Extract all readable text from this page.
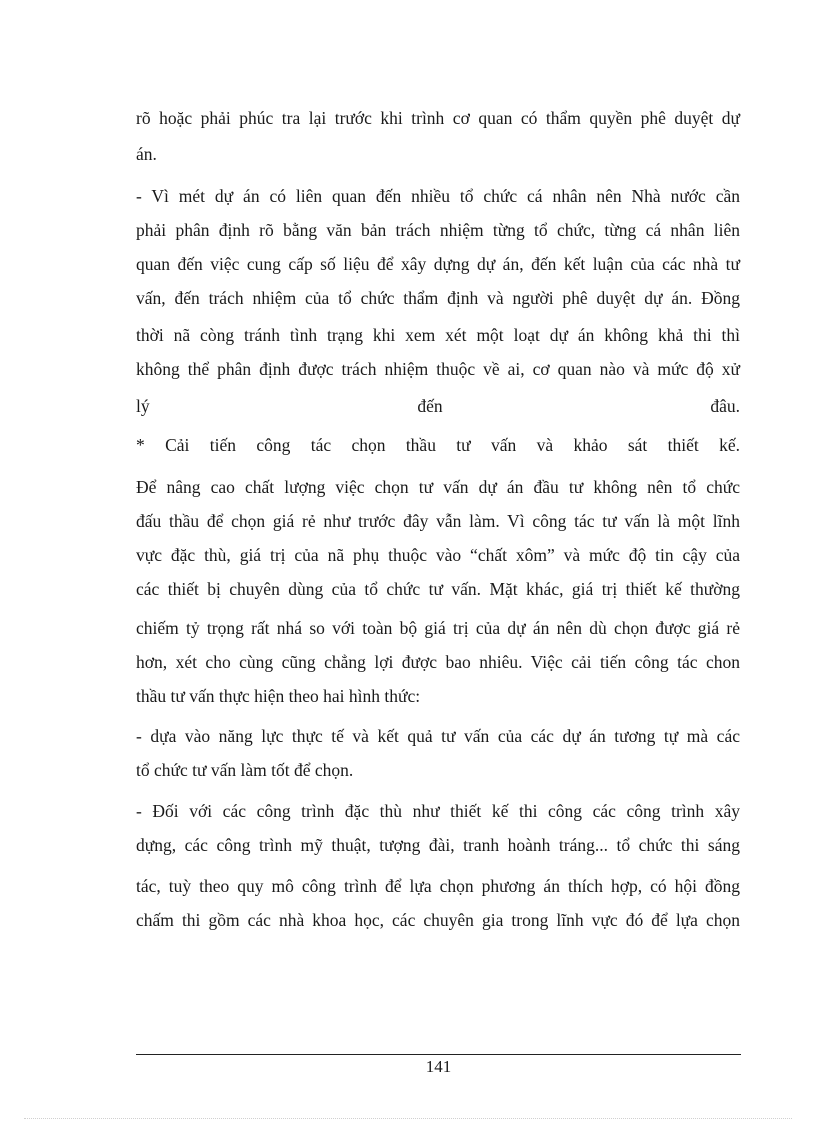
rõ hoặc phải phúc tra lại trước khi trình cơ quan có thẩm quyền phê duyệt dự
án.
- Vì mét dự án có liên quan đến nhiều tổ chức cá nhân nên Nhà nước cần
phải phân định rõ bằng văn bản trách nhiệm từng tổ chức, từng cá nhân liên
quan đến việc cung cấp số liệu để xây dựng dự án, đến kết luận của các nhà tư
vấn, đến trách nhiệm của tổ chức thẩm định và người phê duyệt dự án. Đồng
thời nã còng tránh tình trạng khi xem xét một loạt dự án không khả thi thì
không thể phân định được trách nhiệm thuộc về ai, cơ quan nào và mức độ xử
lý đến đâu.
* Cải tiến công tác chọn thầu tư vấn và khảo sát thiết kế.
Để nâng cao chất lượng việc chọn tư vấn dự án đầu tư không nên tổ chức
đấu thầu để chọn giá rẻ như trước đây vẫn làm. Vì công tác tư vấn là một lĩnh
vực đặc thù, giá trị của nã phụ thuộc vào “chất xôm” và mức độ tin cậy của
các thiết bị chuyên dùng của tổ chức tư vấn. Mặt khác, giá trị thiết kế thường
chiếm tỷ trọng rất nhá so với toàn bộ giá trị của dự án nên dù chọn được giá rẻ
hơn, xét cho cùng cũng chẳng lợi được bao nhiêu. Việc cải tiến công tác chon
thầu tư vấn thực hiện theo hai hình thức:
- dựa vào năng lực thực tế và kết quả tư vấn của các dự án tương tự mà các
tổ chức tư vấn làm tốt để chọn.
- Đối với các công trình đặc thù như thiết kế thi công các công trình xây
dựng, các công trình mỹ thuật, tượng đài, tranh hoành tráng... tổ chức thi sáng
tác, tuỳ theo quy mô công trình để lựa chọn phương án thích hợp, có hội đồng
chấm thi gồm các nhà khoa học, các chuyên gia trong lĩnh vực đó để lựa chọn
141
